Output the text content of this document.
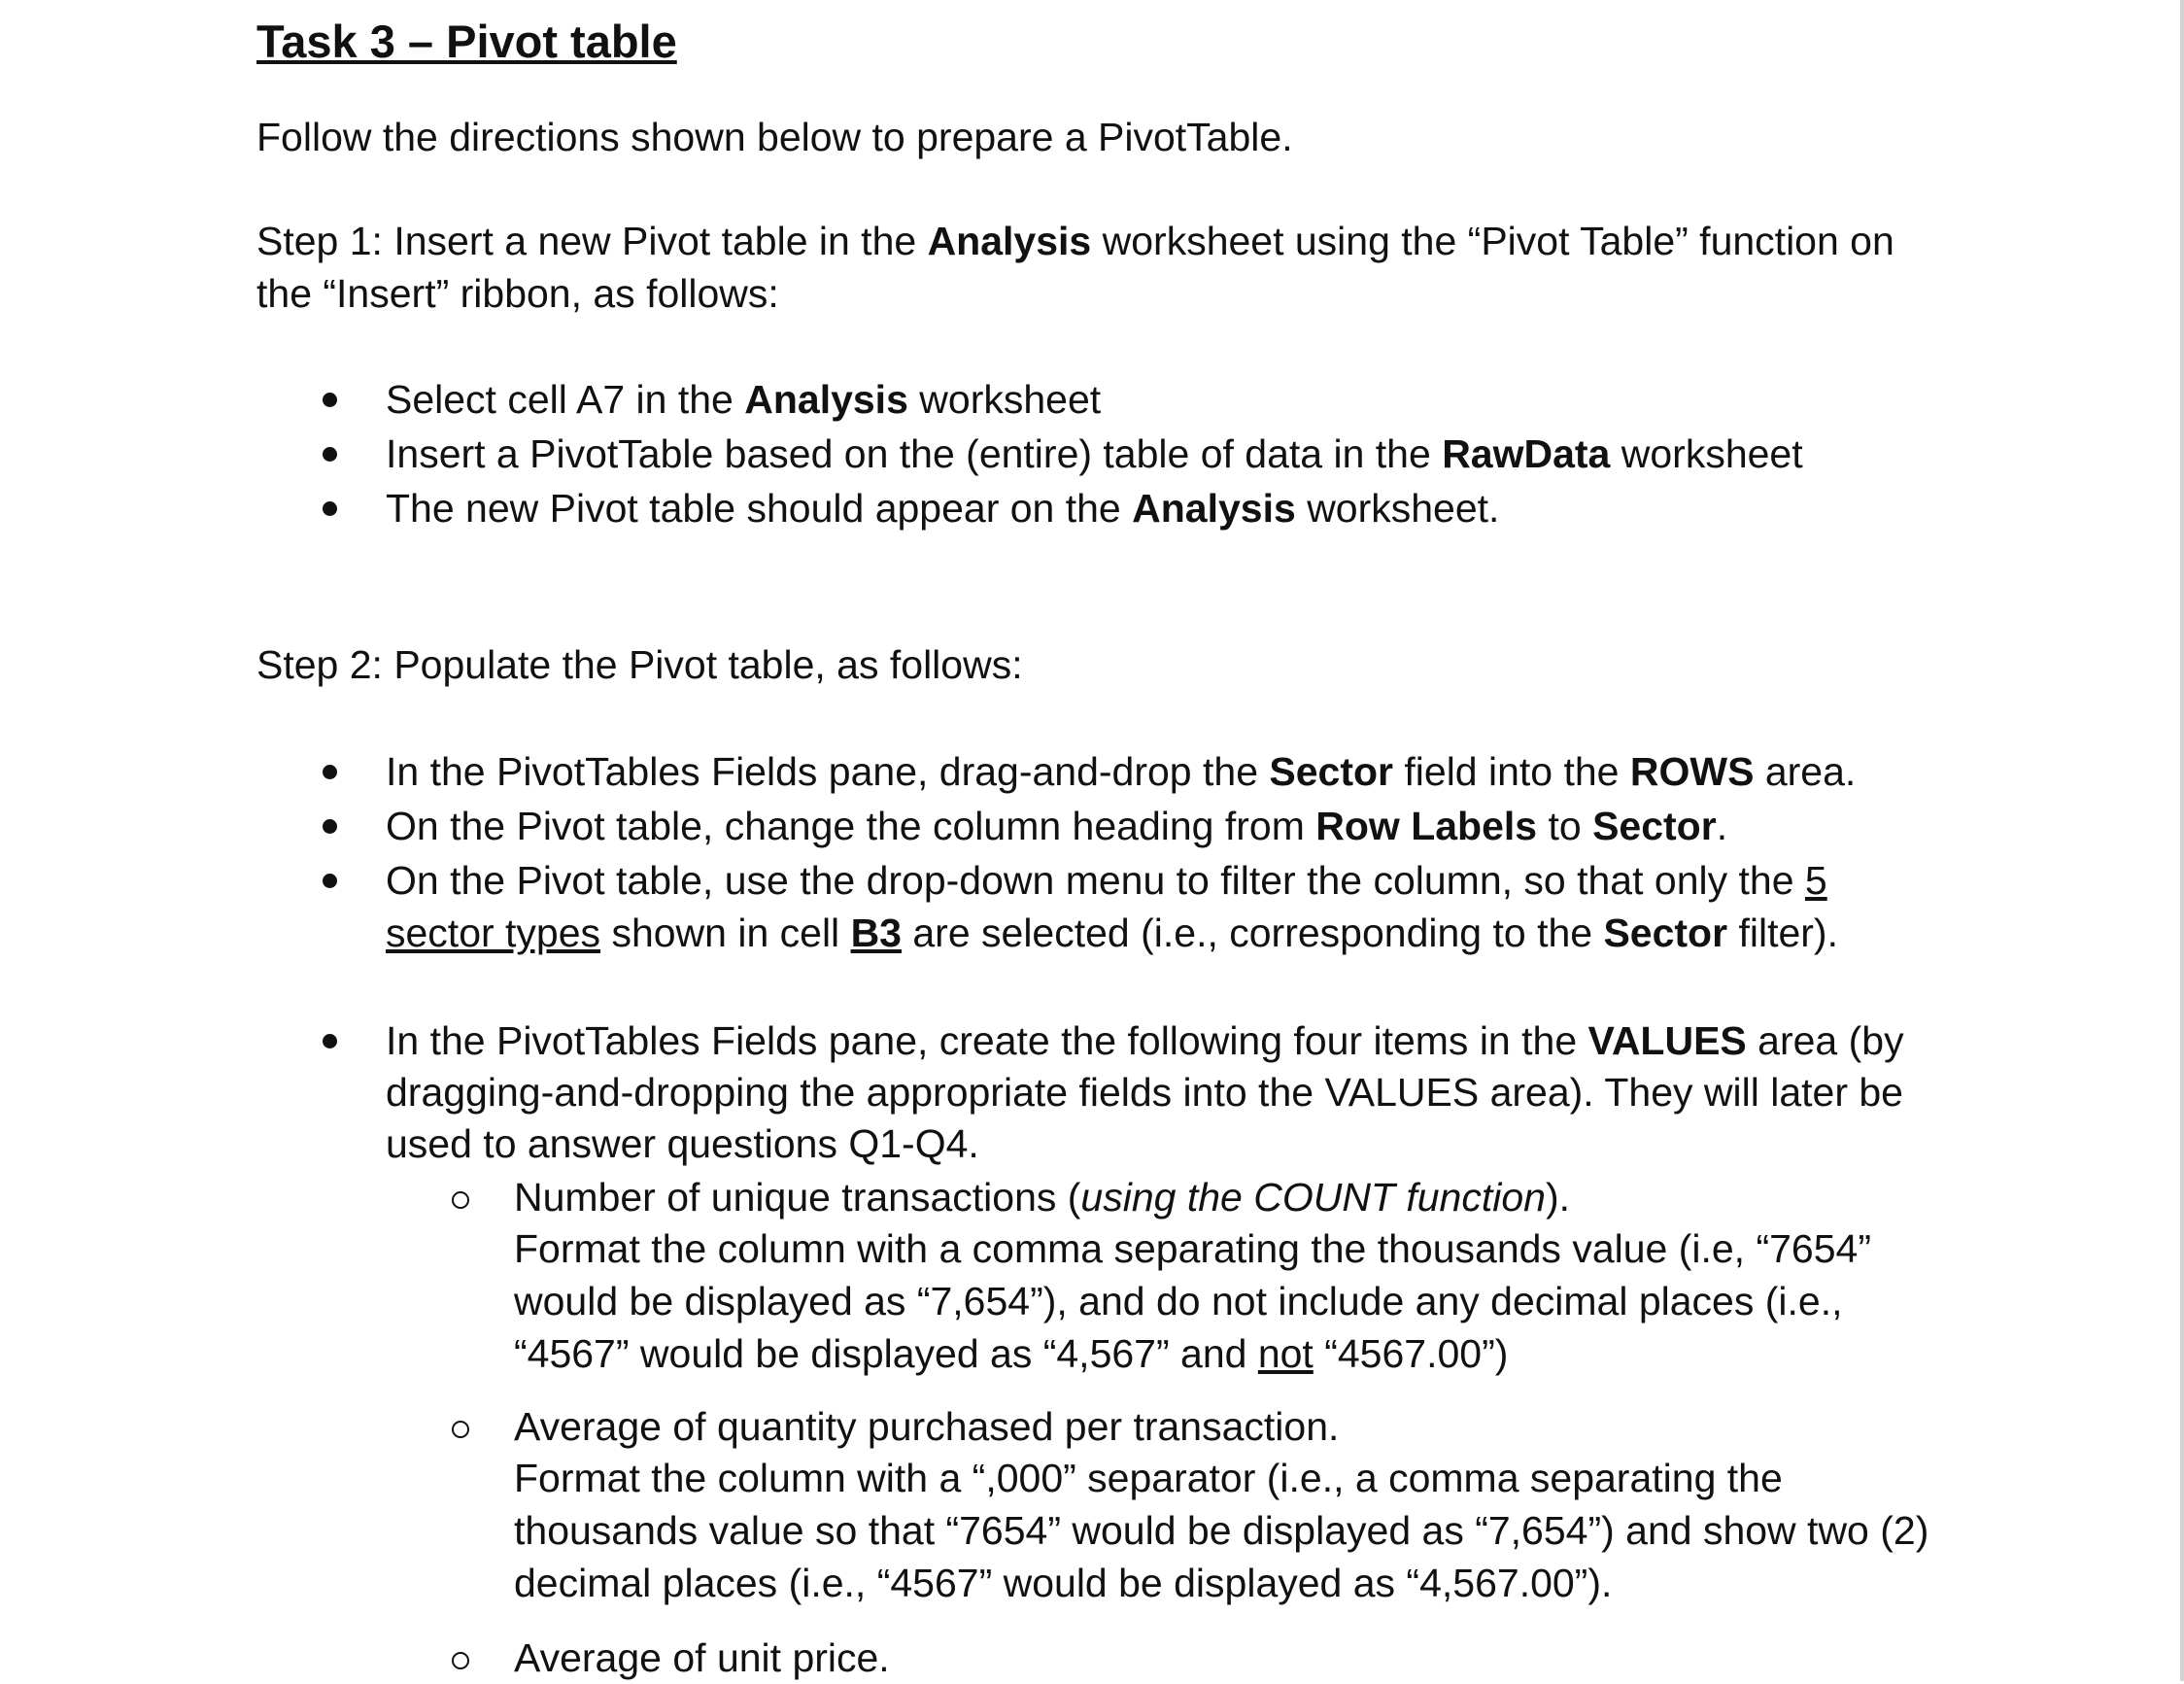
Task 3 – Pivot table
Follow the directions shown below to prepare a PivotTable.
Step 1: Insert a new Pivot table in the Analysis worksheet using the “Pivot Table” function on
the “Insert” ribbon, as follows:
Select cell A7 in the Analysis worksheet
Insert a PivotTable based on the (entire) table of data in the RawData worksheet
The new Pivot table should appear on the Analysis worksheet.
Step 2: Populate the Pivot table, as follows:
In the PivotTables Fields pane, drag-and-drop the Sector field into the ROWS area.
On the Pivot table, change the column heading from Row Labels to Sector.
On the Pivot table, use the drop-down menu to filter the column, so that only the 5
sector types shown in cell B3 are selected (i.e., corresponding to the Sector filter).
In the PivotTables Fields pane, create the following four items in the VALUES area (by
dragging-and-dropping the appropriate fields into the VALUES area). They will later be
used to answer questions Q1-Q4.
Number of unique transactions (using the COUNT function).
Format the column with a comma separating the thousands value (i.e, “7654”
would be displayed as “7,654”), and do not include any decimal places (i.e.,
“4567” would be displayed as “4,567” and not “4567.00”)
Average of quantity purchased per transaction.
Format the column with a “,000” separator (i.e., a comma separating the
thousands value so that “7654” would be displayed as “7,654”) and show two (2)
decimal places (i.e., “4567” would be displayed as “4,567.00”).
Average of unit price.
